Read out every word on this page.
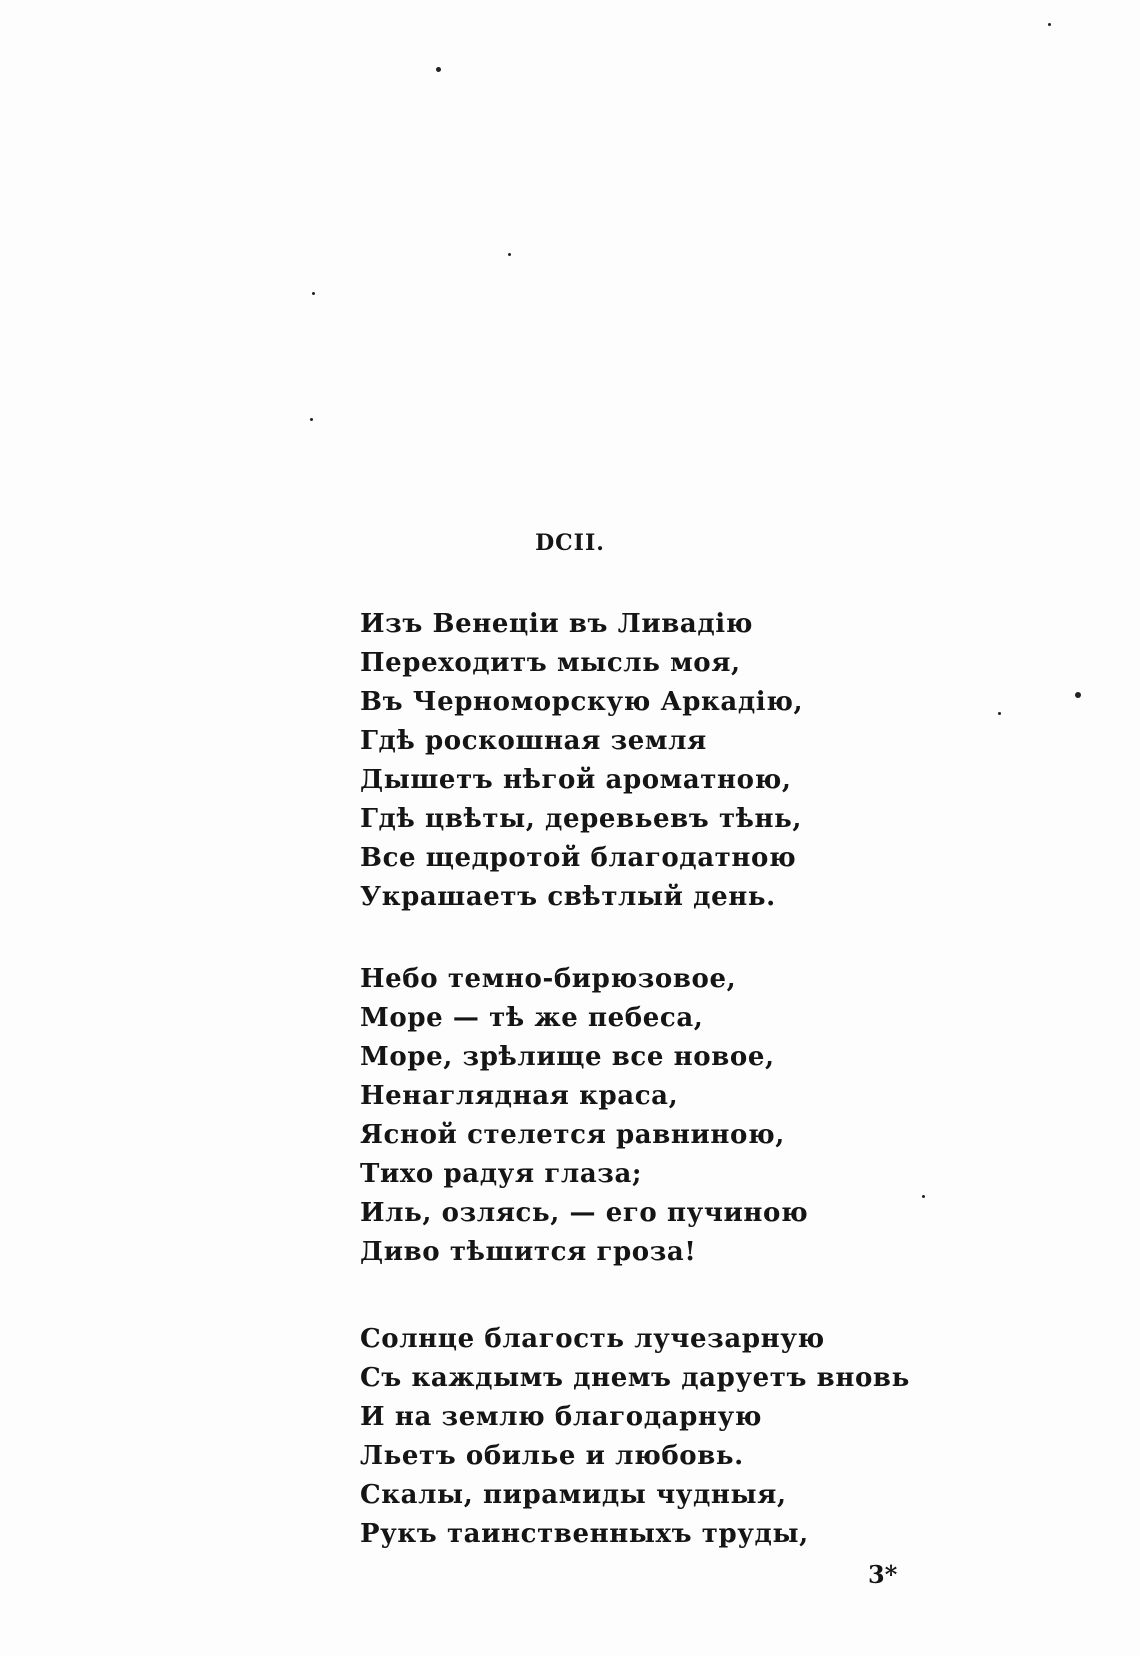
DCII.
Изъ Венеціи въ Ливадію
Переходитъ мысль моя,
Въ Черноморскую Аркадію,
Гдѣ роскошная земля
Дышетъ нѣгой ароматною,
Гдѣ цвѣты, деревьевъ тѣнь,
Все щедротой благодатною
Украшаетъ свѣтлый день.
Небо темно-бирюзовое,
Море — тѣ же пебеса,
Море, зрѣлище все новое,
Ненаглядная краса,
Ясной стелется равниною,
Тихо радуя глаза;
Иль, озлясь, — его пучиною
Диво тѣшится гроза!
Солнце благость лучезарную
Съ каждымъ днемъ даруетъ вновь
И на землю благодарную
Льетъ обилье и любовь.
Скалы, пирамиды чудныя,
Рукъ таинственныхъ труды,
3*
